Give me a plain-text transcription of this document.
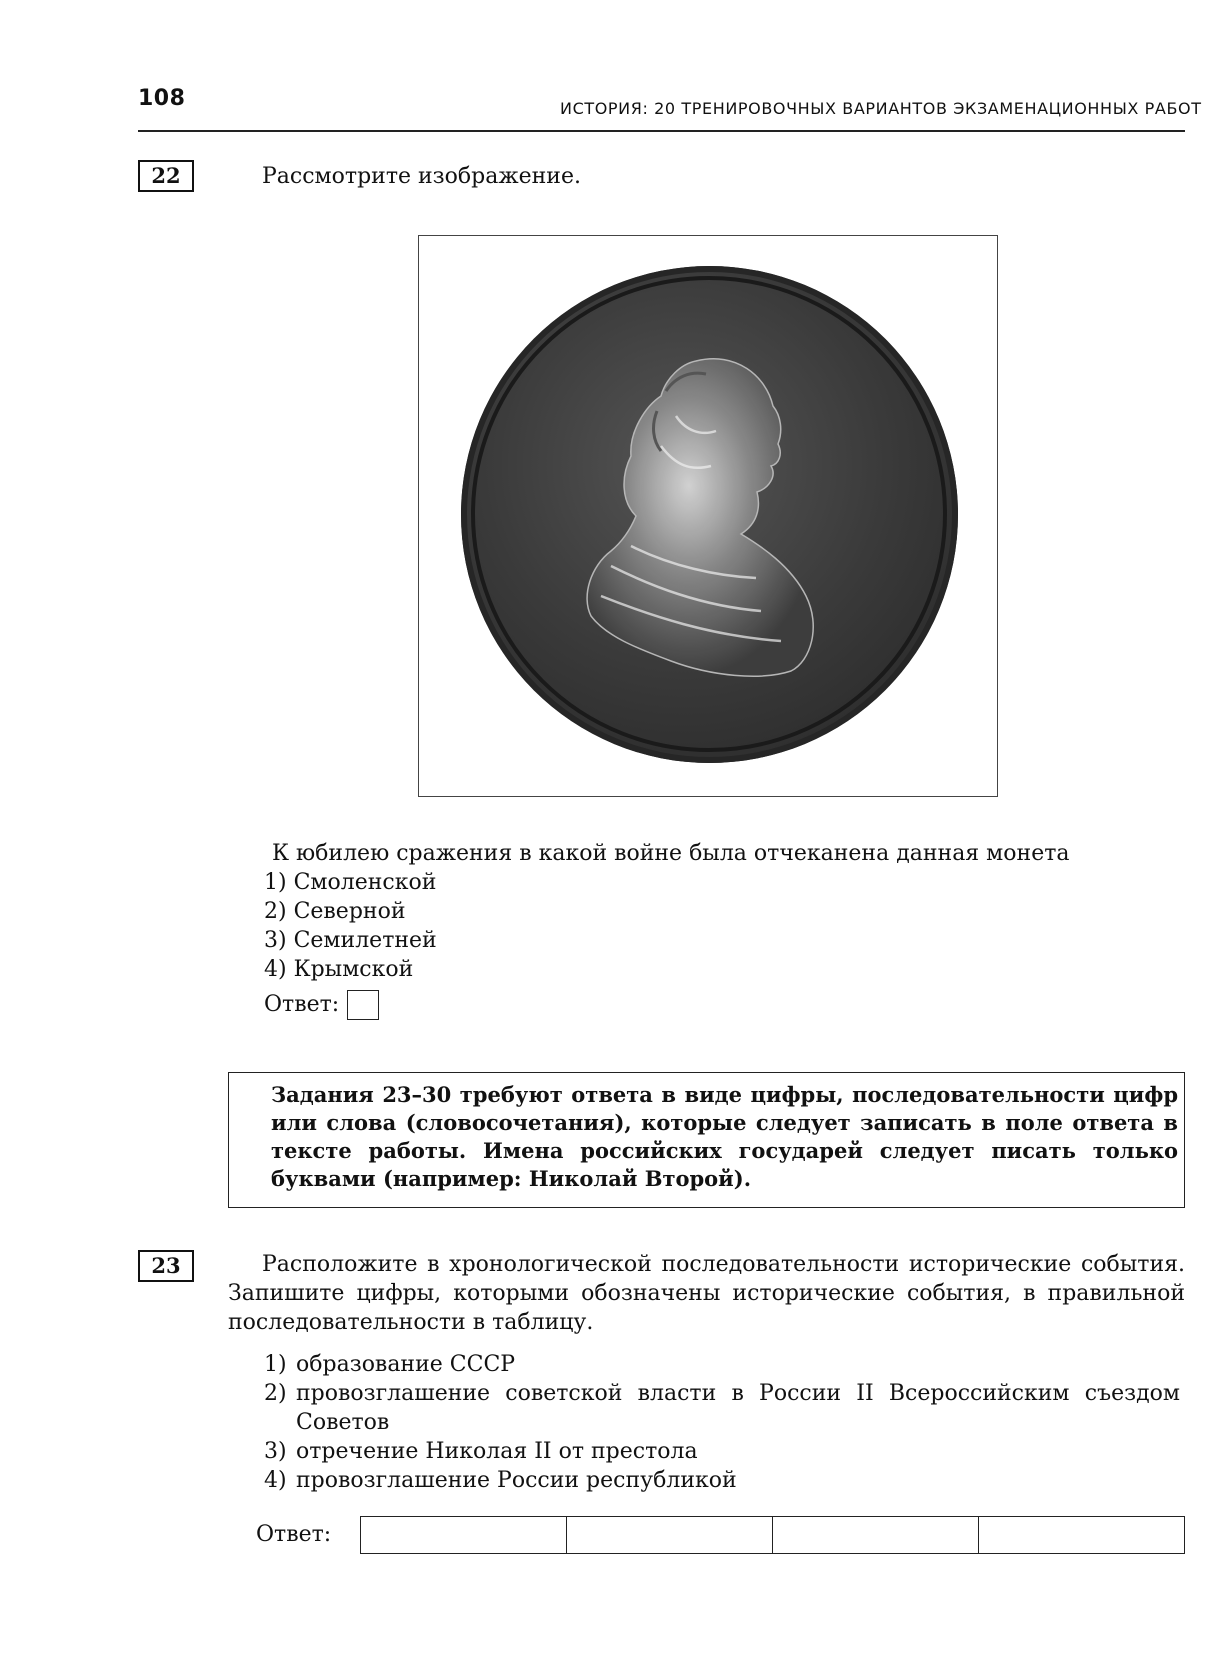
108	ИСТОРИЯ: 20 ТРЕНИРОВОЧНЫХ ВАРИАНТОВ ЭКЗАМЕНАЦИОННЫХ РАБОТ
22	Рассмотрите изображение.
К юбилею сражения в какой войне была отчеканена данная монета
1) Смоленской
2) Северной
3) Семилетней
4) Крымской
Ответ:
Задания 23–30 требуют ответа в виде цифры, последовательности цифр или слова (словосочетания), которые следует записать в поле ответа в тексте работы. Имена российских государей следует писать только буквами (например: Николай Второй).
23	Расположите в хронологической последовательности исторические события. Запишите цифры, которыми обозначены исторические события, в правильной последовательности в таблицу.
1) образование СССР
2) провозглашение советской власти в России II Всероссийским съездом Советов
3) отречение Николая II от престола
4) провозглашение России республикой
Ответ:
